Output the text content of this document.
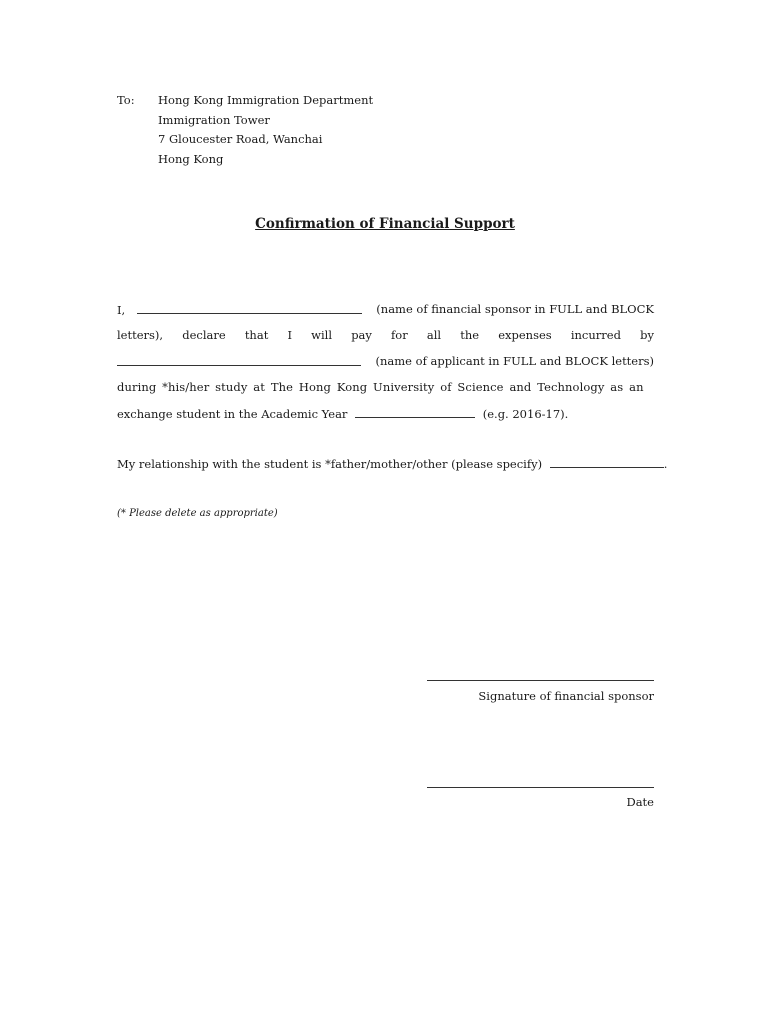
To: Hong Kong Immigration Department
Immigration Tower
7 Gloucester Road, Wanchai
Hong Kong
Confirmation of Financial Support
I,	(name of financial sponsor in FULL and BLOCK
letters), declare that I will pay for all the expenses incurred by
(name of applicant in FULL and BLOCK letters)
during *his/her study at The Hong Kong University of Science and Technology as an
exchange student in the Academic Year	(e.g. 2016-17).
My relationship with the student is *father/mother/other (please specify)	.
(* Please delete as appropriate)
Signature of financial sponsor
Date
